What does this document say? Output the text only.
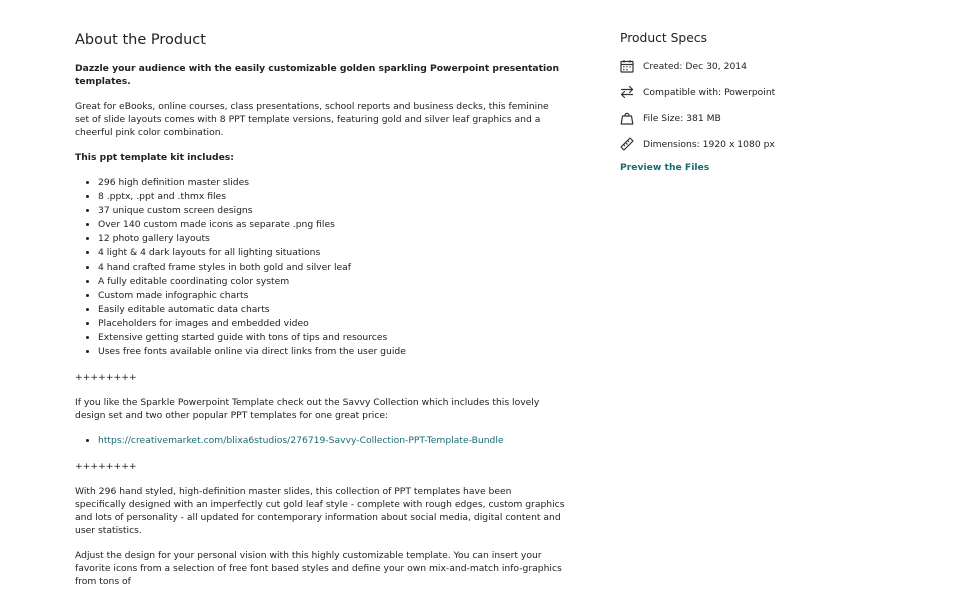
About the Product

Dazzle your audience with the easily customizable golden sparkling Powerpoint presentation templates.

Great for eBooks, online courses, class presentations, school reports and business decks, this feminine set of slide layouts comes with 8 PPT template versions, featuring gold and silver leaf graphics and a cheerful pink color combination.

This ppt template kit includes:

• 296 high definition master slides
• 8 .pptx, .ppt and .thmx files
• 37 unique custom screen designs
• Over 140 custom made icons as separate .png files
• 12 photo gallery layouts
• 4 light & 4 dark layouts for all lighting situations
• 4 hand crafted frame styles in both gold and silver leaf
• A fully editable coordinating color system
• Custom made infographic charts
• Easily editable automatic data charts
• Placeholders for images and embedded video
• Extensive getting started guide with tons of tips and resources
• Uses free fonts available online via direct links from the user guide

++++++++

If you like the Sparkle Powerpoint Template check out the Savvy Collection which includes this lovely design set and two other popular PPT templates for one great price:

• https://creativemarket.com/blixa6studios/276719-Savvy-Collection-PPT-Template-Bundle

++++++++

With 296 hand styled, high-definition master slides, this collection of PPT templates have been specifically designed with an imperfectly cut gold leaf style - complete with rough edges, custom graphics and lots of personality - all updated for contemporary information about social media, digital content and user statistics.

Adjust the design for your personal vision with this highly customizable template. You can insert your favorite icons from a selection of free font based styles and define your own mix-and-match info-graphics from tons of

Product Specs
Created: Dec 30, 2014
Compatible with: Powerpoint
File Size: 381 MB
Dimensions: 1920 x 1080 px
Preview the Files
